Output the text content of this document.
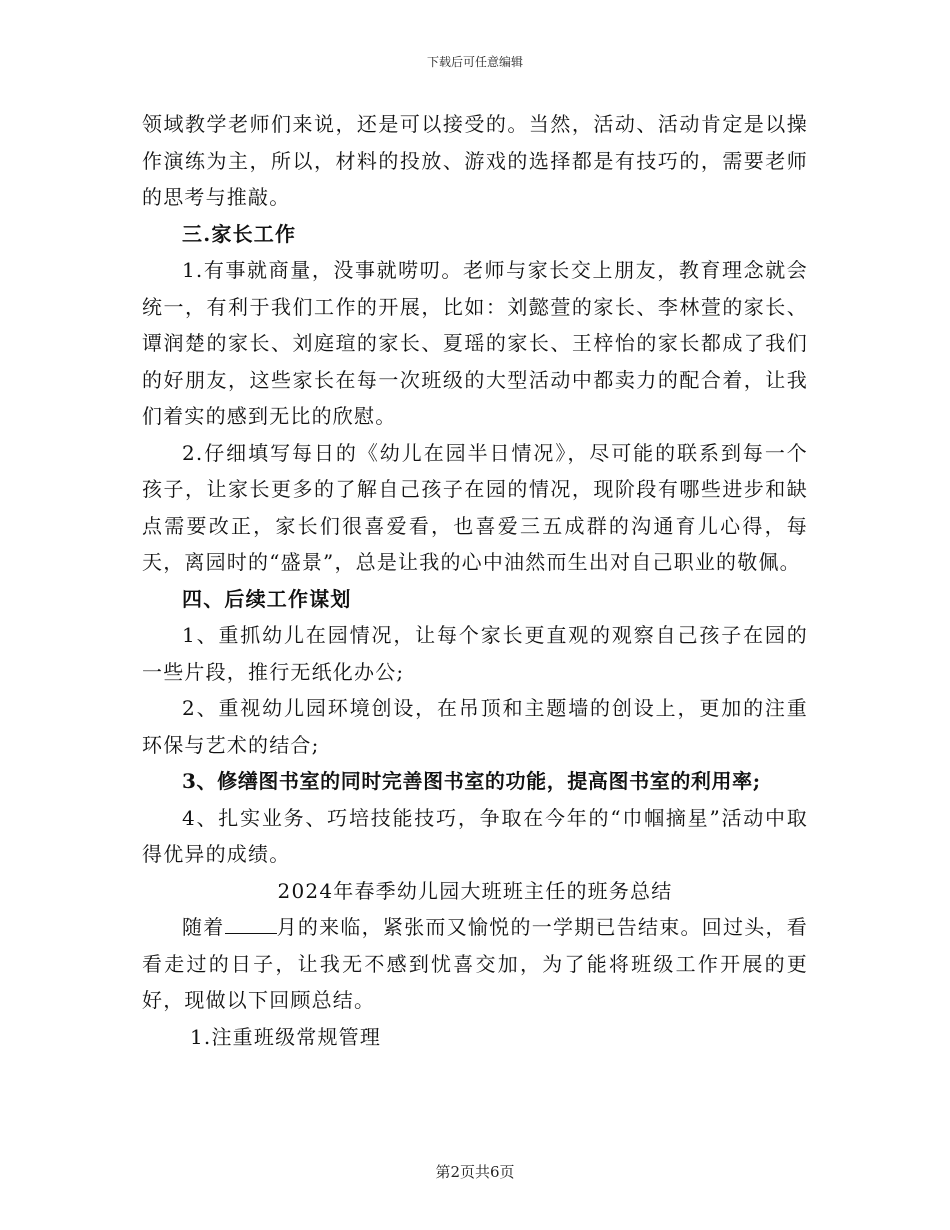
下载后可任意编辑

领域教学老师们来说，还是可以接受的。当然，活动、活动肯定是以操作演练为主，所以，材料的投放、游戏的选择都是有技巧的，需要老师的思考与推敲。

三.家长工作

1.有事就商量，没事就唠叨。老师与家长交上朋友，教育理念就会统一，有利于我们工作的开展，比如：刘懿萱的家长、李林萱的家长、谭润楚的家长、刘庭瑄的家长、夏瑶的家长、王梓怡的家长都成了我们的好朋友，这些家长在每一次班级的大型活动中都卖力的配合着，让我们着实的感到无比的欣慰。

2.仔细填写每日的《幼儿在园半日情况》，尽可能的联系到每一个孩子，让家长更多的了解自己孩子在园的情况，现阶段有哪些进步和缺点需要改正，家长们很喜爱看，也喜爱三五成群的沟通育儿心得，每天，离园时的“盛景”，总是让我的心中油然而生出对自己职业的敬佩。

四、后续工作谋划

1、重抓幼儿在园情况，让每个家长更直观的观察自己孩子在园的一些片段，推行无纸化办公;

2、重视幼儿园环境创设，在吊顶和主题墙的创设上，更加的注重环保与艺术的结合;

3、修缮图书室的同时完善图书室的功能，提高图书室的利用率;

4、扎实业务、巧培技能技巧，争取在今年的“巾帼摘星”活动中取得优异的成绩。

2024年春季幼儿园大班班主任的班务总结

随着	月的来临，紧张而又愉悦的一学期已告结束。回过头，看看走过的日子，让我无不感到忧喜交加，为了能将班级工作开展的更好，现做以下回顾总结。

1.注重班级常规管理

第2页共6页
